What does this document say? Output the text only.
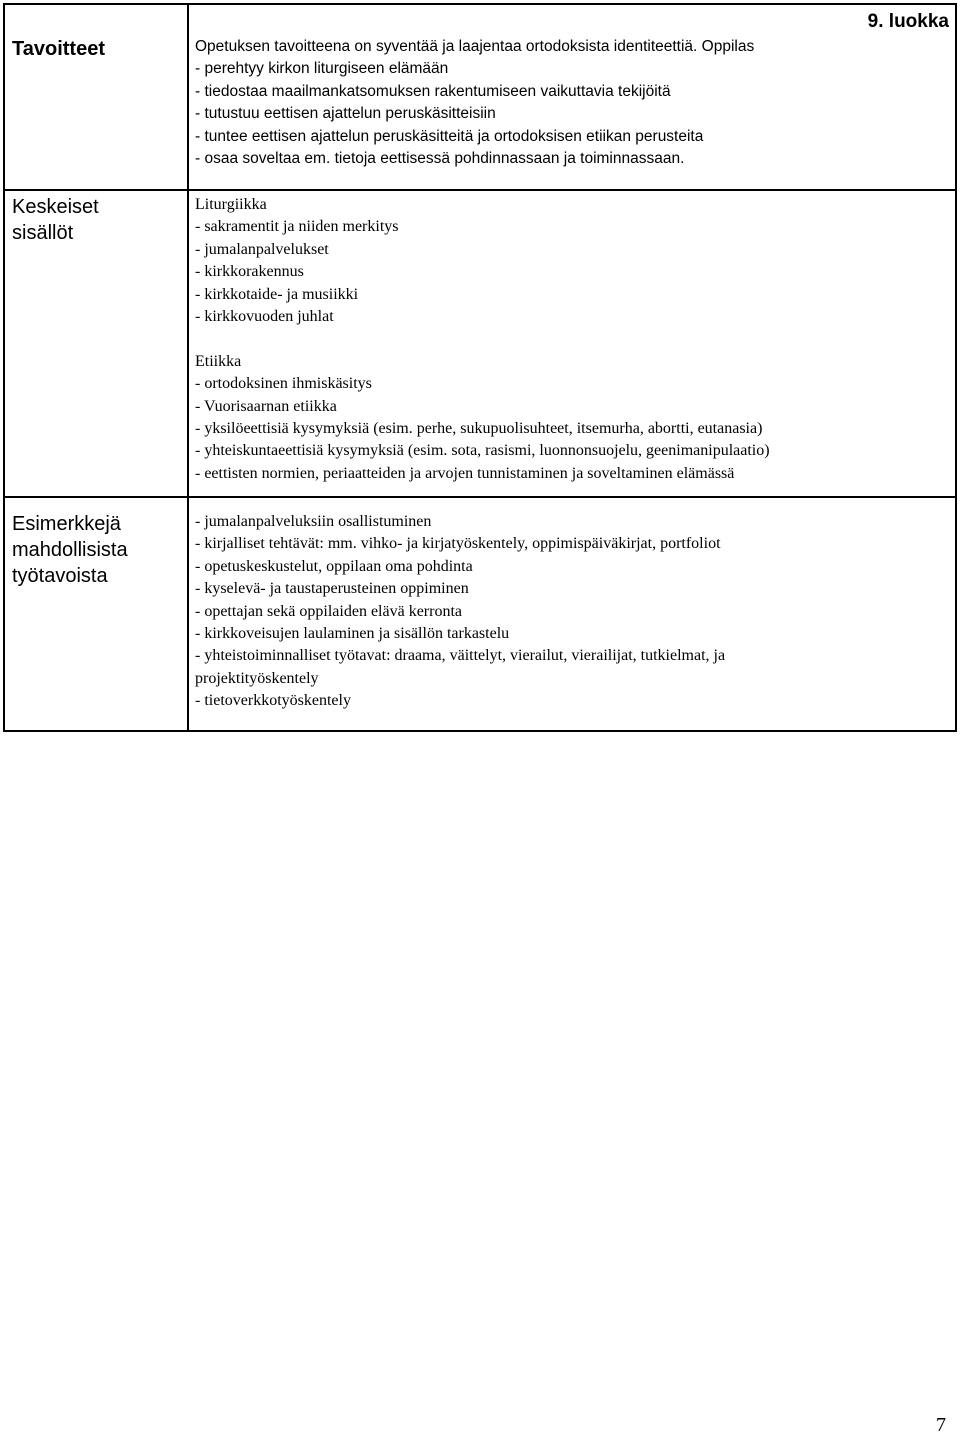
Tavoitteet
9. luokka
Opetuksen tavoitteena on syventää ja laajentaa ortodoksista identiteettiä. Oppilas
- perehtyy kirkon liturgiseen elämään
- tiedostaa maailmankatsomuksen rakentumiseen vaikuttavia tekijöitä
- tutustuu eettisen ajattelun peruskäsitteisiin
- tuntee eettisen ajattelun peruskäsitteitä ja ortodoksisen etiikan perusteita
- osaa soveltaa em. tietoja eettisessä pohdinnassaan ja toiminnassaan.
Keskeiset
sisällöt
Liturgiikka
- sakramentit ja niiden merkitys
- jumalanpalvelukset
- kirkkorakennus
- kirkkotaide- ja musiikki
- kirkkovuoden juhlat
Etiikka
- ortodoksinen ihmiskäsitys
- Vuorisaarnan etiikka
- yksilöeettisiä kysymyksiä (esim. perhe, sukupuolisuhteet, itsemurha, abortti, eutanasia)
- yhteiskuntaeettisiä kysymyksiä (esim. sota, rasismi, luonnonsuojelu, geenimanipulaatio)
- eettisten normien, periaatteiden ja arvojen tunnistaminen ja soveltaminen elämässä
Esimerkkejä
mahdollisista
työtavoista
- jumalanpalveluksiin osallistuminen
- kirjalliset tehtävät: mm. vihko- ja kirjatyöskentely, oppimispäiväkirjat, portfoliot
- opetuskeskustelut, oppilaan oma pohdinta
- kyselevä- ja taustaperusteinen oppiminen
- opettajan sekä oppilaiden elävä kerronta
- kirkkoveisujen laulaminen ja sisällön tarkastelu
- yhteistoiminnalliset työtavat: draama, väittelyt, vierailut, vierailijat, tutkielmat, ja
projektityöskentely
- tietoverkkotyöskentely
7
